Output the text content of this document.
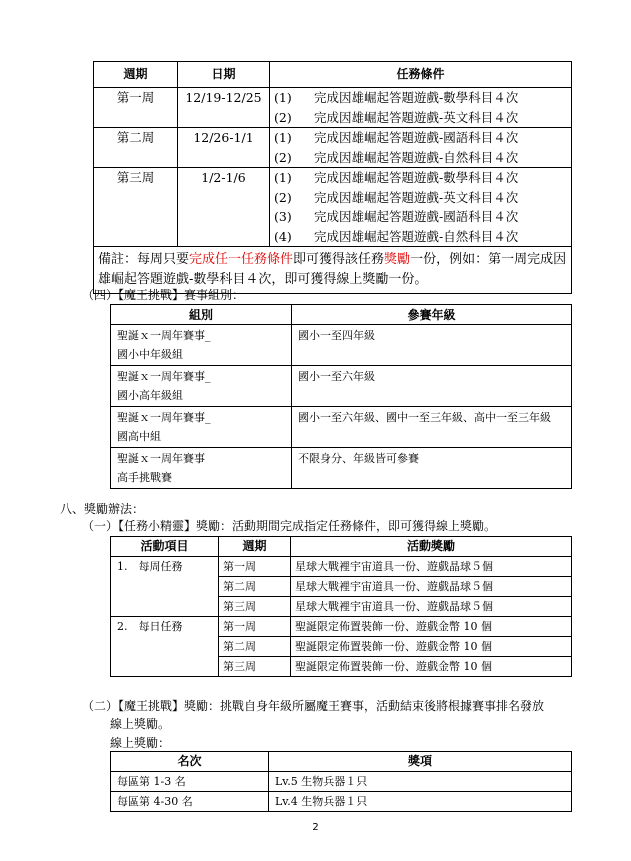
週期	日期	任務條件
第一周	12/19-12/25	(1) 完成因雄崛起答題遊戲-數學科目４次
(2) 完成因雄崛起答題遊戲-英文科目４次

第二周	12/26-1/1	(1) 完成因雄崛起答題遊戲-國語科目４次
(2) 完成因雄崛起答題遊戲-自然科目４次

第三周	1/2-1/6	(1) 完成因雄崛起答題遊戲-數學科目４次
(2) 完成因雄崛起答題遊戲-英文科目４次
(3) 完成因雄崛起答題遊戲-國語科目４次
(4) 完成因雄崛起答題遊戲-自然科目４次

備註：每周只要完成任一任務條件即可獲得該任務獎勵一份，例如：第一周完成因雄崛起答題遊戲-數學科目４次，即可獲得線上獎勵一份。		
（四）【魔王挑戰】賽事組別：
組別	參賽年級

聖誕ｘ一周年賽事_
國小中年級組	國小一至四年級

聖誕ｘ一周年賽事_
國小高年級組	國小一至六年級

聖誕ｘ一周年賽事_
國高中組	國小一至六年級、國中一至三年級、高中一至三年級

聖誕ｘ一周年賽事
高手挑戰賽	不限身分、年級皆可參賽
八、獎勵辦法：
（一）【任務小精靈】獎勵：活動期間完成指定任務條件，即可獲得線上獎勵。
活動項目	週期	活動獎勵
1.　每周任務	第一周	星球大戰裡宇宙道具一份、遊戲晶球５個
	第二周	星球大戰裡宇宙道具一份、遊戲晶球５個
	第三周	星球大戰裡宇宙道具一份、遊戲晶球５個
2.　每日任務	第一周	聖誕限定佈置裝飾一份、遊戲金幣 10 個
	第二周	聖誕限定佈置裝飾一份、遊戲金幣 10 個
	第三周	聖誕限定佈置裝飾一份、遊戲金幣 10 個
（二）【魔王挑戰】獎勵：挑戰自身年級所屬魔王賽事，活動結束後將根據賽事排名發放
線上獎勵。
線上獎勵：
名次	獎項
每區第 1-3 名	Lv.5 生物兵器１只
每區第 4-30 名	Lv.4 生物兵器１只
2
